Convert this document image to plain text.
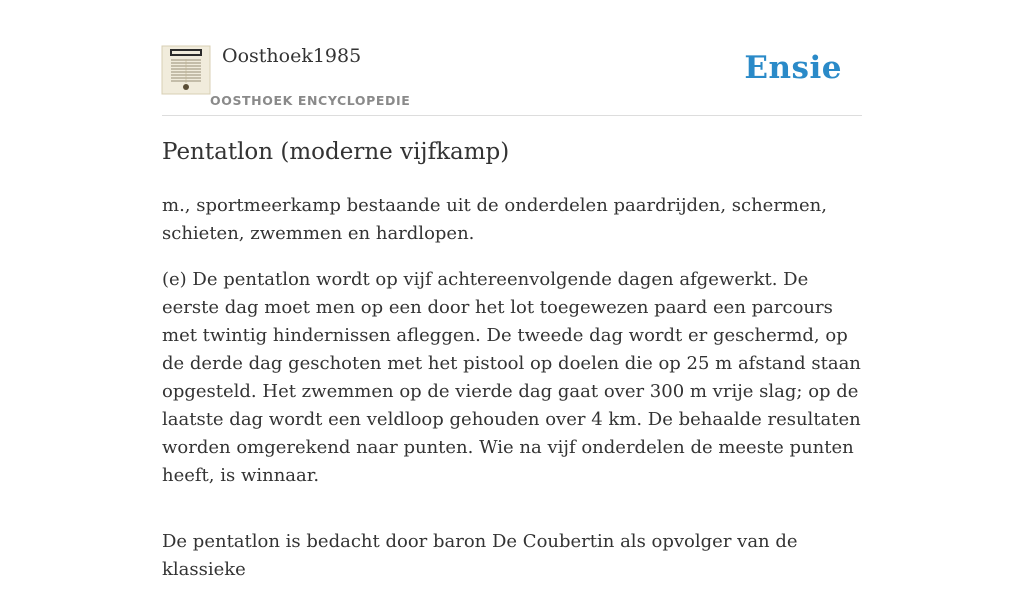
Oosthoek1985
OOSTHOEK ENCYCLOPEDIE
Ensie
Pentatlon (moderne vijfkamp)

m., sportmeerkamp bestaande uit de onderdelen paardrijden, schermen, schieten, zwemmen en hardlopen.

(e) De pentatlon wordt op vijf achtereenvolgende dagen afgewerkt. De eerste dag moet men op een door het lot toegewezen paard een parcours met twintig hindernissen afleggen. De tweede dag wordt er geschermd, op de derde dag geschoten met het pistool op doelen die op 25 m afstand staan opgesteld. Het zwemmen op de vierde dag gaat over 300 m vrije slag; op de laatste dag wordt een veldloop gehouden over 4 km. De behaalde resultaten worden omgerekend naar punten. Wie na vijf onderdelen de meeste punten heeft, is winnaar.

De pentatlon is bedacht door baron De Coubertin als opvolger van de klassieke
